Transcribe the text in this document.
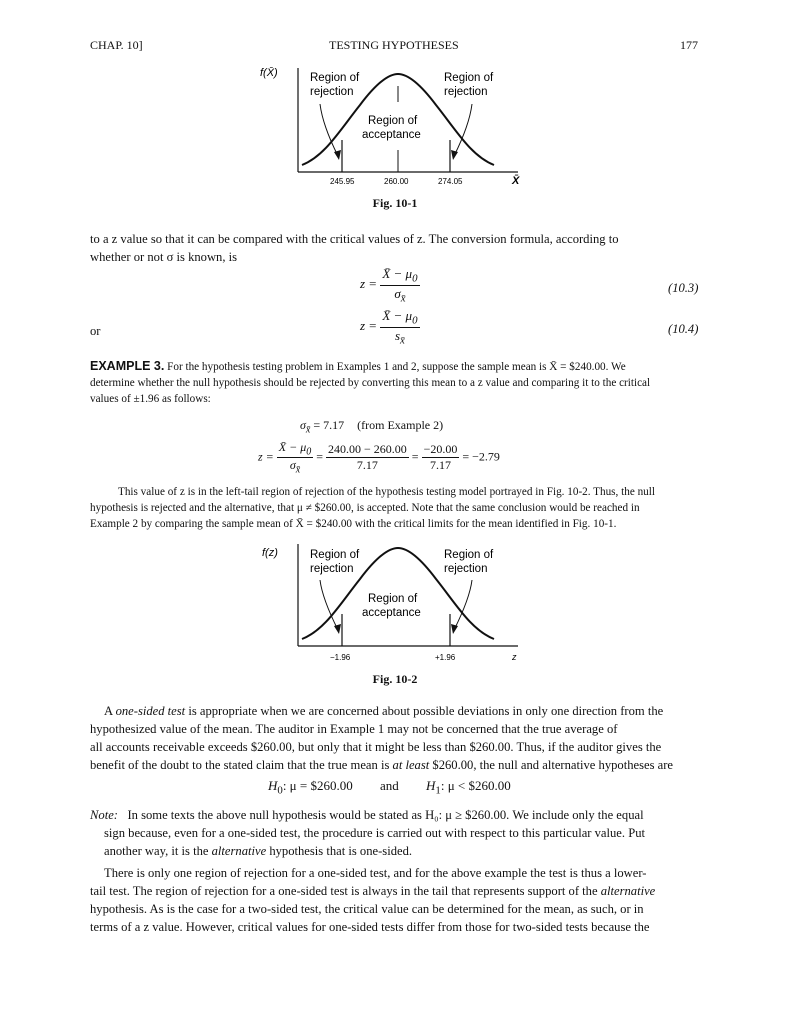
CHAP. 10]	TESTING HYPOTHESES	177
f(X̄)	Region of
rejection
Region of
rejection
Region of
acceptance
245.95	260.00	274.05	X̄
Fig. 10-1
to a z value so that it can be compared with the critical values of z. The conversion formula, according to
whether or not σ is known, is
$z = \frac{X̄ - \mu_0}{\sigma_{x̄}}$	(10.3)
or	$z = \frac{X̄ - \mu_0}{s_{x̄}}$	(10.4)
EXAMPLE 3. For the hypothesis testing problem in Examples 1 and 2, suppose the sample mean is X̄ = $240.00. We
determine whether the null hypothesis should be rejected by converting this mean to a z value and comparing it to the critical
values of ±1.96 as follows:
$\sigma_{x̄} = 7.17$ (from Example 2)
$z = \frac{X̄ - \mu_0}{\sigma_{x̄}} = \frac{240.00 - 260.00}{7.17} = \frac{-20.00}{7.17} = -2.79$
This value of z is in the left-tail region of rejection of the hypothesis testing model portrayed in Fig. 10-2. Thus, the null
hypothesis is rejected and the alternative, that μ ≠ $260.00, is accepted. Note that the same conclusion would be reached in
Example 2 by comparing the sample mean of X̄ = $240.00 with the critical limits for the mean identified in Fig. 10-1.
f(z)	Region of
rejection
Region of
rejection
Region of
acceptance
−1.96	+1.96	z
Fig. 10-2
A one-sided test is appropriate when we are concerned about possible deviations in only one direction from the
hypothesized value of the mean. The auditor in Example 1 may not be concerned that the true average of
all accounts receivable exceeds $260.00, but only that it might be less than $260.00. Thus, if the auditor gives the
benefit of the doubt to the stated claim that the true mean is at least $260.00, the null and alternative hypotheses are
$H_0$: μ = $260.00 and $H_1$: μ < $260.00
Note: In some texts the above null hypothesis would be stated as H₀: μ ≥ $260.00. We include only the equal
sign because, even for a one-sided test, the procedure is carried out with respect to this particular value. Put
another way, it is the alternative hypothesis that is one-sided.
There is only one region of rejection for a one-sided test, and for the above example the test is thus a lower-
tail test. The region of rejection for a one-sided test is always in the tail that represents support of the alternative
hypothesis. As is the case for a two-sided test, the critical value can be determined for the mean, as such, or in
terms of a z value. However, critical values for one-sided tests differ from those for two-sided tests because the
